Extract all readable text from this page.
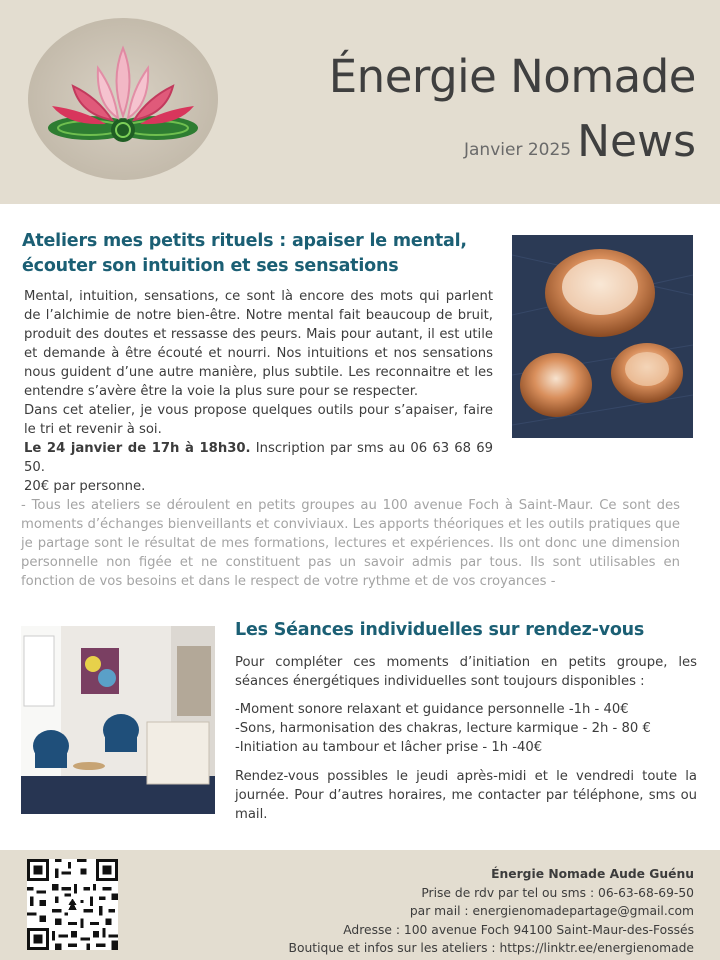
Énergie Nomade
Janvier 2025 News
Ateliers mes petits rituels : apaiser le mental,
écouter son intuition et ses sensations
Mental, intuition, sensations, ce sont là encore des mots qui parlent de l’alchimie de notre bien-être. Notre mental fait beaucoup de bruit, produit des doutes et ressasse des peurs. Mais pour autant, il est utile et demande à être écouté et nourri. Nos intuitions et nos sensations nous guident d’une autre manière, plus subtile. Les reconnaitre et les entendre s’avère être la voie la plus sure pour se respecter.
Dans cet atelier, je vous propose quelques outils pour s’apaiser, faire le tri et revenir à soi.
Le 24 janvier de 17h à 18h30. Inscription par sms au 06 63 68 69 50.
20€ par personne.
- Tous les ateliers se déroulent en petits groupes au 100 avenue Foch à Saint-Maur. Ce sont des moments d’échanges bienveillants et conviviaux. Les apports théoriques et les outils pratiques que je partage sont le résultat de mes formations, lectures et expériences. Ils ont donc une dimension personnelle non figée et ne constituent pas un savoir admis par tous. Ils sont utilisables en fonction de vos besoins et dans le respect de votre rythme et de vos croyances -
Les Séances individuelles sur rendez-vous
Pour compléter ces moments d’initiation en petits groupe, les séances énergétiques individuelles sont toujours disponibles :
-Moment sonore relaxant et guidance personnelle -1h - 40€
-Sons, harmonisation des chakras, lecture karmique - 2h - 80 €
-Initiation au tambour et lâcher prise - 1h -40€
Rendez-vous possibles le jeudi après-midi et le vendredi toute la journée. Pour d’autres horaires, me contacter par téléphone, sms ou mail.
Énergie Nomade Aude Guénu
Prise de rdv par tel ou sms : 06-63-68-69-50
par mail : energienomadepartage@gmail.com
Adresse : 100 avenue Foch 94100 Saint-Maur-des-Fossés
Boutique et infos sur les ateliers : https://linktr.ee/energienomade
